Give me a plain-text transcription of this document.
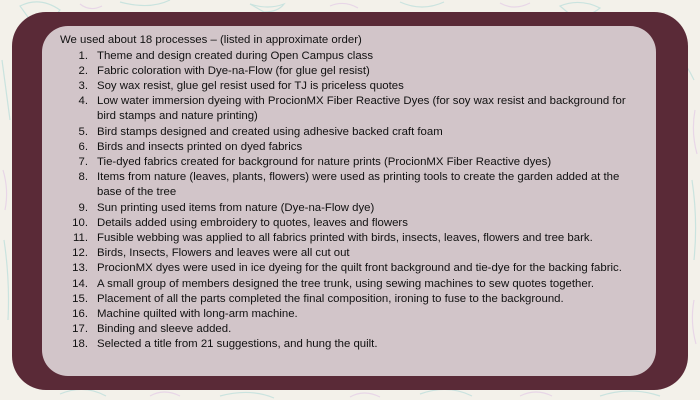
We used about 18 processes – (listed in approximate order)

1. Theme and design created during Open Campus class
2. Fabric coloration with Dye-na-Flow (for glue gel resist)
3. Soy wax resist, glue gel resist used for TJ is priceless quotes
4. Low water immersion dyeing with ProcionMX Fiber Reactive Dyes (for soy wax resist and background for bird stamps and nature printing)
5. Bird stamps designed and created using adhesive backed craft foam
6. Birds and insects printed on dyed fabrics
7. Tie-dyed fabrics created for background for nature prints (ProcionMX Fiber Reactive dyes)
8. Items from nature (leaves, plants, flowers) were used as printing tools to create the garden added at the base of the tree
9. Sun printing used items from nature (Dye-na-Flow dye)
10. Details added using embroidery to quotes, leaves and flowers
11. Fusible webbing was applied to all fabrics printed with birds, insects, leaves, flowers and tree bark.
12. Birds, Insects, Flowers and leaves were all cut out
13. ProcionMX dyes were used in ice dyeing for the quilt front background and tie-dye for the backing fabric.
14. A small group of members designed the tree trunk, using sewing machines to sew quotes together.
15. Placement of all the parts completed the final composition, ironing to fuse to the background.
16. Machine quilted with long-arm machine.
17. Binding and sleeve added.
18. Selected a title from 21 suggestions, and hung the quilt.
